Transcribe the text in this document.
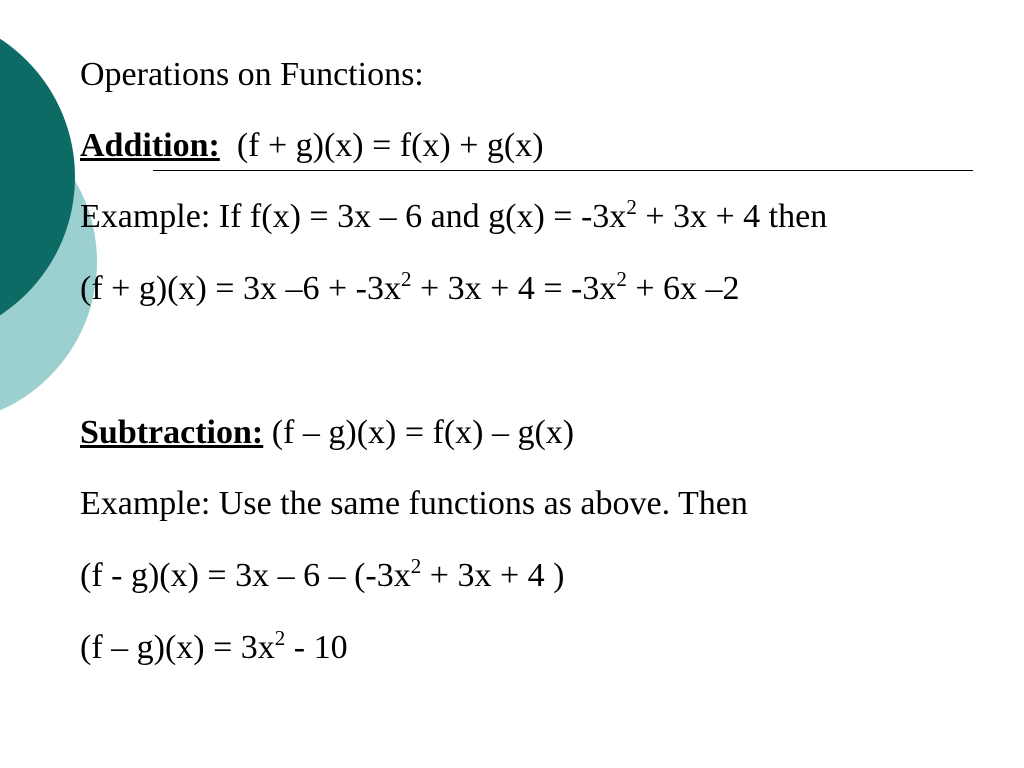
Operations on Functions:

Addition: (f + g)(x) = f(x) + g(x)

Example: If f(x) = 3x – 6 and $g(x) = -3x^2 + 3x + 4$ then

(f + g)(x) = 3x $-6 + -3x^2 + 3x + 4 = -3x^2 + 6x$ –2

Subtraction: (f – g)(x) = f(x) – g(x)

Example: Use the same functions as above. Then

$(f - g)(x) = 3x - 6 - (-3x^2 + 3x + 4$ )

$(f - g)(x) = 3x^2 - 10$
